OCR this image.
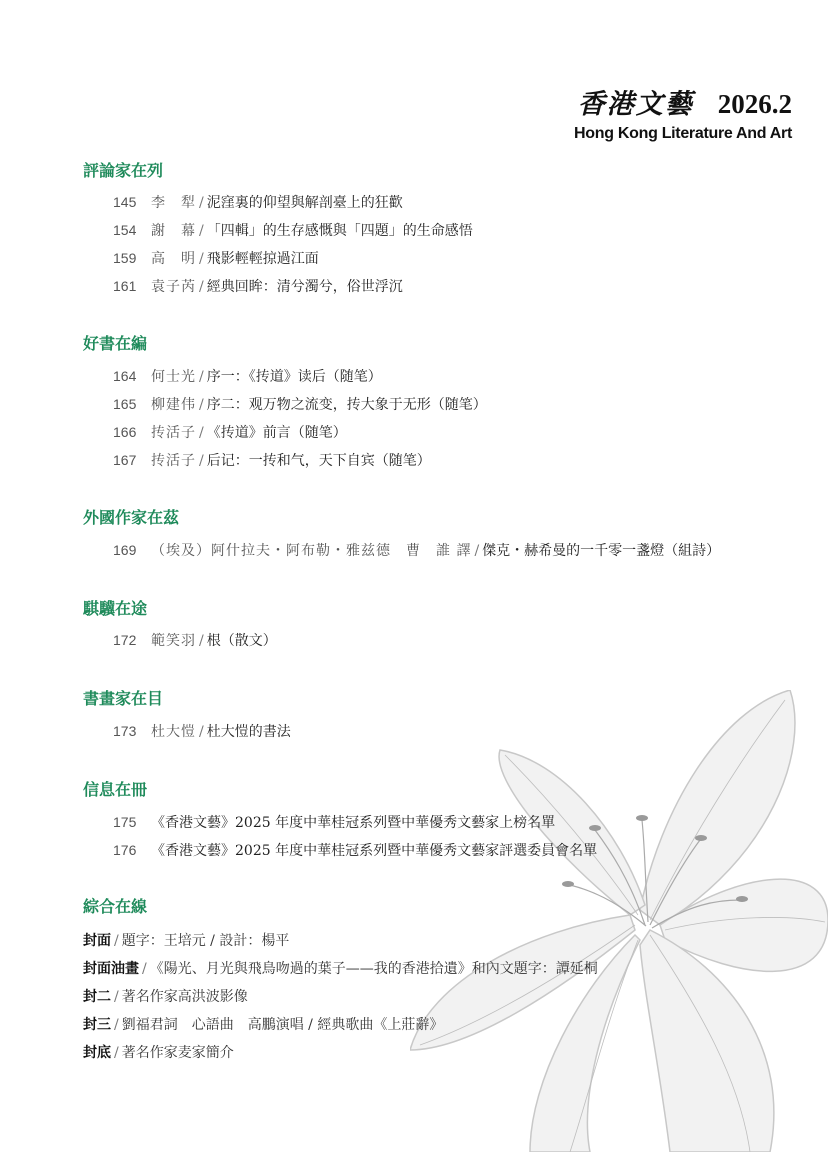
香港文藝 2026.2
Hong Kong Literature And Art
評論家在列
145 李　犁 / 泥窪裏的仰望與解剖臺上的狂歡
154 謝　幕 / 「四輯」的生存感慨與「四題」的生命感悟
159 高　明 / 飛影輕輕掠過江面
161 袁子芮 / 經典回眸：清兮濁兮，俗世浮沉
好書在編
164 何士光 / 序一：《抟道》读后（随笔）
165 柳建伟 / 序二：观万物之流变，抟大象于无形（随笔）
166 抟活子 / 《抟道》前言（随笔）
167 抟活子 / 后记：一抟和气，天下自宾（随笔）
外國作家在茲
169 （埃及）阿什拉夫・阿布勒・雅兹德　曹　誰 譯 / 傑克・赫希曼的一千零一盞燈（組詩）
騏驥在途
172 範笑羽 / 根（散文）
書畫家在目
173 杜大愷 / 杜大愷的書法
信息在冊
175 《香港文藝》2025 年度中華桂冠系列暨中華優秀文藝家上榜名單
176 《香港文藝》2025 年度中華桂冠系列暨中華優秀文藝家評選委員會名單
綜合在線
封面 / 題字：王培元 / 設計：楊平
封面油畫 / 《陽光、月光與飛鳥吻過的葉子——我的香港拾遺》和內文題字：譚延桐
封二 / 著名作家高洪波影像
封三 / 劉福君詞　心語曲　高鵬演唱 / 經典歌曲《上莊辭》
封底 / 著名作家麦家簡介
